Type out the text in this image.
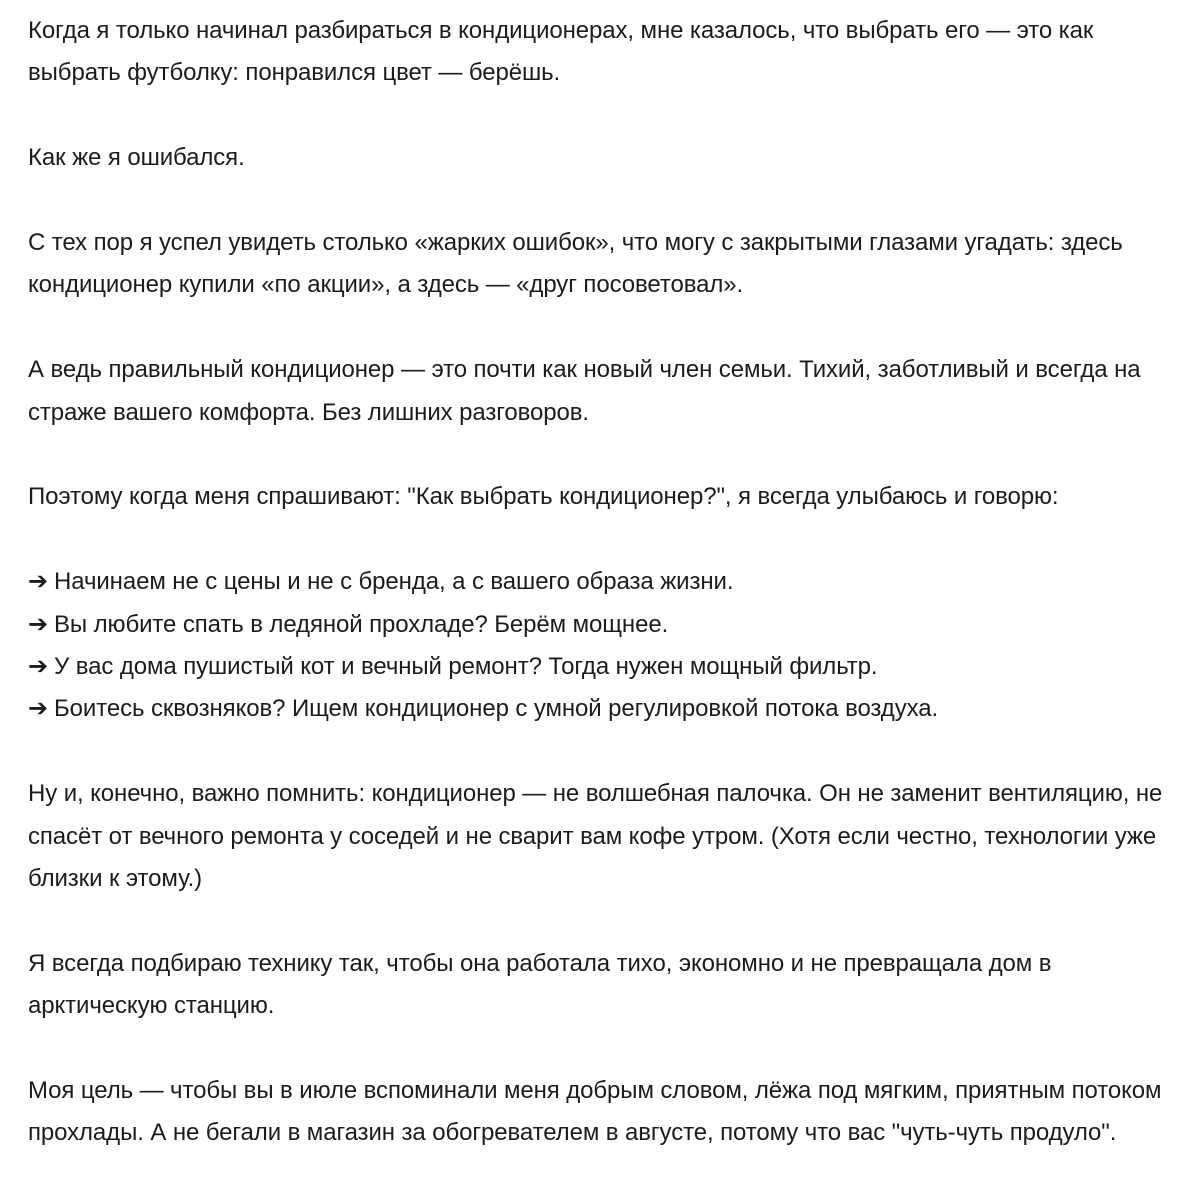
Когда я только начинал разбираться в кондиционерах, мне казалось, что выбрать его — это как выбрать футболку: понравился цвет — берёшь.

Как же я ошибался.

С тех пор я успел увидеть столько «жарких ошибок», что могу с закрытыми глазами угадать: здесь кондиционер купили «по акции», а здесь — «друг посоветовал».

А ведь правильный кондиционер — это почти как новый член семьи. Тихий, заботливый и всегда на страже вашего комфорта. Без лишних разговоров.

Поэтому когда меня спрашивают: "Как выбрать кондиционер?", я всегда улыбаюсь и говорю:

➔ Начинаем не с цены и не с бренда, а с вашего образа жизни.
➔ Вы любите спать в ледяной прохладе? Берём мощнее.
➔ У вас дома пушистый кот и вечный ремонт? Тогда нужен мощный фильтр.
➔ Боитесь сквозняков? Ищем кондиционер с умной регулировкой потока воздуха.

Ну и, конечно, важно помнить: кондиционер — не волшебная палочка. Он не заменит вентиляцию, не спасёт от вечного ремонта у соседей и не сварит вам кофе утром. (Хотя если честно, технологии уже близки к этому.)

Я всегда подбираю технику так, чтобы она работала тихо, экономно и не превращала дом в арктическую станцию.

Моя цель — чтобы вы в июле вспоминали меня добрым словом, лёжа под мягким, приятным потоком прохлады. А не бегали в магазин за обогревателем в августе, потому что вас "чуть-чуть продуло".
